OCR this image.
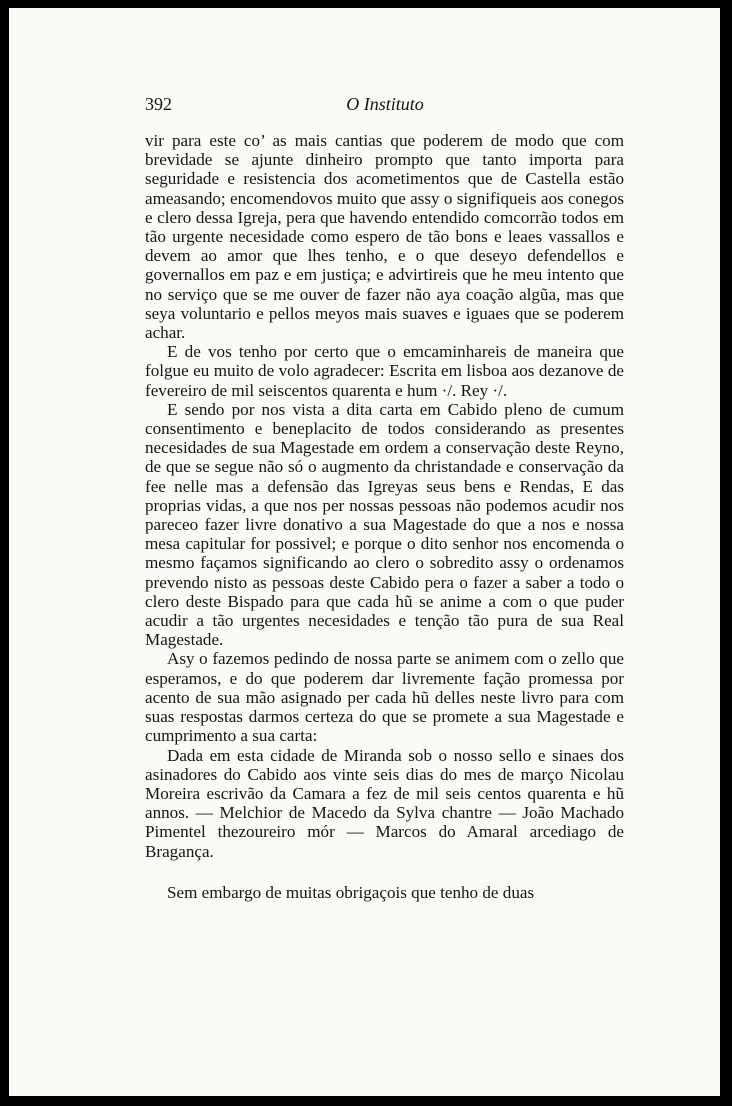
392	O Instituto

vir para este co’ as mais cantias que poderem de modo que com brevidade se ajunte dinheiro prompto que tanto importa para seguridade e resistencia dos acometimentos que de Castella estão ameasando; encomendovos muito que assy o signifiqueis aos conegos e clero dessa Igreja, pera que havendo entendido comcorrão todos em tão urgente necesidade como espero de tão bons e leaes vassallos e devem ao amor que lhes tenho, e o que deseyo defendellos e governallos em paz e em justiça; e advirtireis que he meu intento que no serviço que se me ouver de fazer não aya coação algũa, mas que seya voluntario e pellos meyos mais suaves e iguaes que se poderem achar.

E de vos tenho por certo que o emcaminhareis de maneira que folgue eu muito de volo agradecer: Escrita em lisboa aos dezanove de fevereiro de mil seiscentos quarenta e hum ·/. Rey ·/.

E sendo por nos vista a dita carta em Cabido pleno de cumum consentimento e beneplacito de todos considerando as presentes necesidades de sua Magestade em ordem a conservação deste Reyno, de que se segue não só o augmento da christandade e conservação da fee nelle mas a defensão das Igreyas seus bens e Rendas, E das proprias vidas, a que nos per nossas pessoas não podemos acudir nos pareceo fazer livre donativo a sua Magestade do que a nos e nossa mesa capitular for possivel; e porque o dito senhor nos encomenda o mesmo façamos significando ao clero o sobredito assy o ordenamos prevendo nisto as pessoas deste Cabido pera o fazer a saber a todo o clero deste Bispado para que cada hũ se anime a com o que puder acudir a tão urgentes necesidades e tenção tão pura de sua Real Magestade.

Asy o fazemos pedindo de nossa parte se animem com o zello que esperamos, e do que poderem dar livremente fação promessa por acento de sua mão asignado per cada hũ delles neste livro para com suas respostas darmos certeza do que se promete a sua Magestade e cumprimento a sua carta:

Dada em esta cidade de Miranda sob o nosso sello e sinaes dos asinadores do Cabido aos vinte seis dias do mes de março Nicolau Moreira escrivão da Camara a fez de mil seis centos quarenta e hũ annos. — Melchior de Macedo da Sylva chantre — João Machado Pimentel thezoureiro mór — Marcos do Amaral arcediago de Bragança.

Sem embargo de muitas obrigaçois que tenho de duas
